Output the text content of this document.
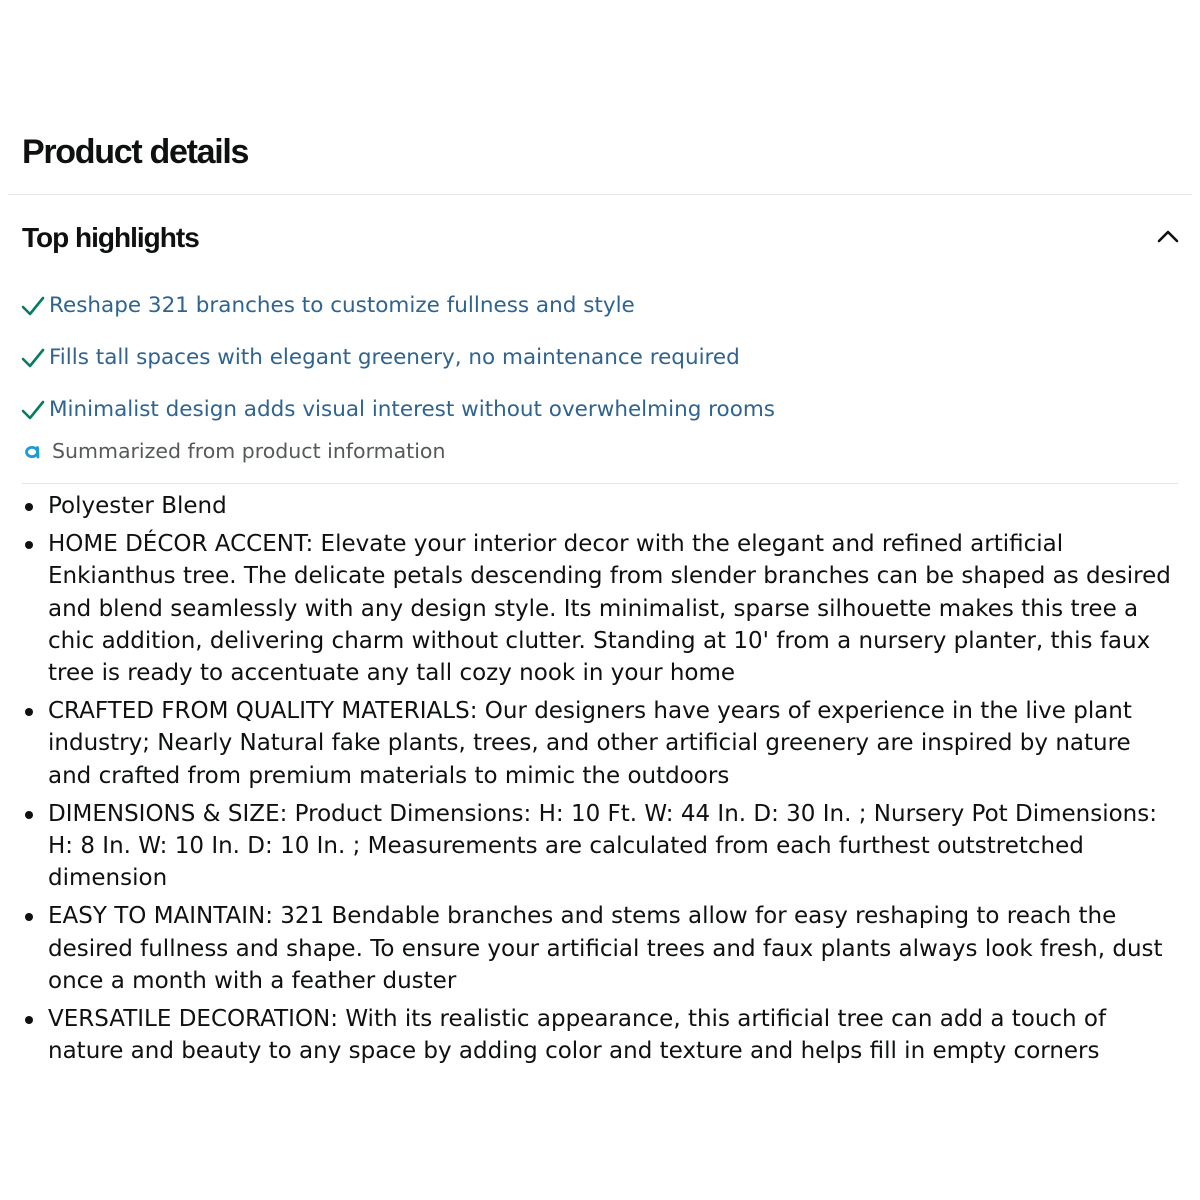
Product details
Top highlights
Reshape 321 branches to customize fullness and style
Fills tall spaces with elegant greenery, no maintenance required
Minimalist design adds visual interest without overwhelming rooms
Summarized from product information
Polyester Blend
HOME DÉCOR ACCENT: Elevate your interior decor with the elegant and refined artificial Enkianthus tree. The delicate petals descending from slender branches can be shaped as desired and blend seamlessly with any design style. Its minimalist, sparse silhouette makes this tree a chic addition, delivering charm without clutter. Standing at 10' from a nursery planter, this faux tree is ready to accentuate any tall cozy nook in your home
CRAFTED FROM QUALITY MATERIALS: Our designers have years of experience in the live plant industry; Nearly Natural fake plants, trees, and other artificial greenery are inspired by nature and crafted from premium materials to mimic the outdoors
DIMENSIONS & SIZE: Product Dimensions: H: 10 Ft. W: 44 In. D: 30 In. ; Nursery Pot Dimensions: H: 8 In. W: 10 In. D: 10 In. ; Measurements are calculated from each furthest outstretched dimension
EASY TO MAINTAIN: 321 Bendable branches and stems allow for easy reshaping to reach the desired fullness and shape. To ensure your artificial trees and faux plants always look fresh, dust once a month with a feather duster
VERSATILE DECORATION: With its realistic appearance, this artificial tree can add a touch of nature and beauty to any space by adding color and texture and helps fill in empty corners
